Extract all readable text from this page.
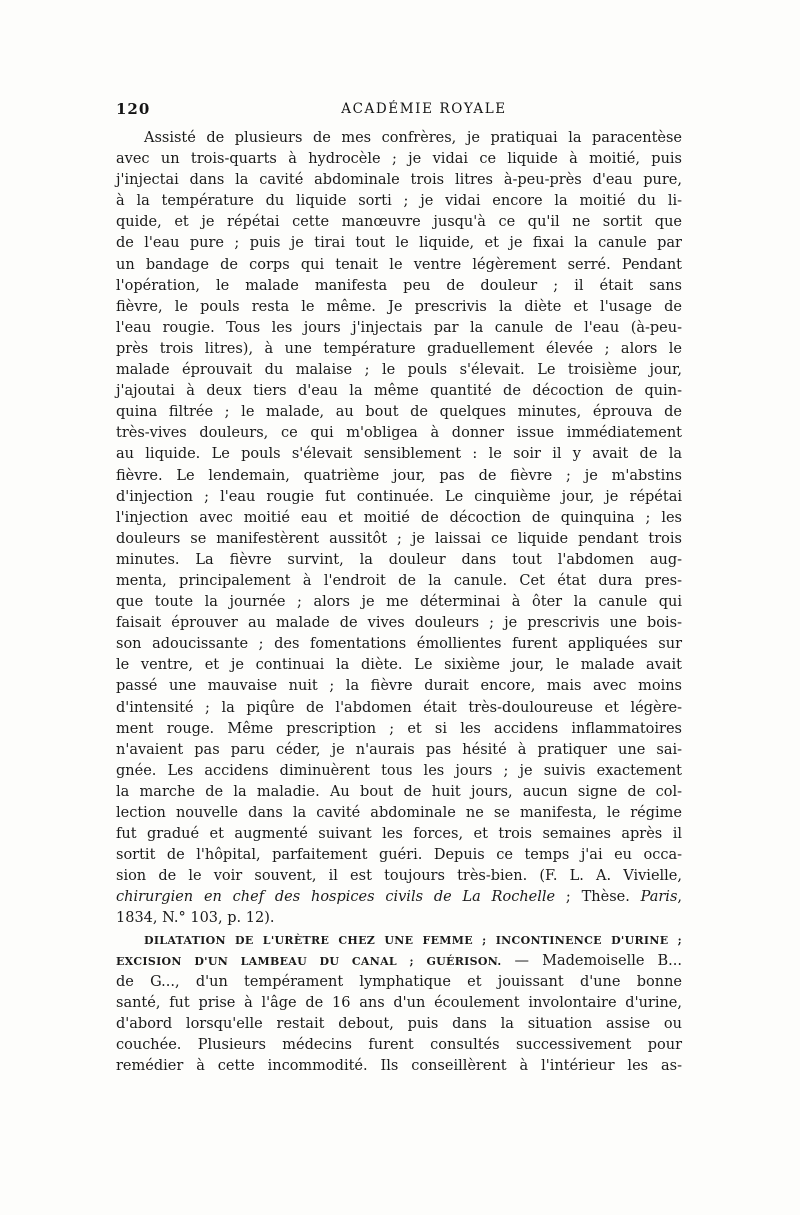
120	ACADÉMIE ROYALE
Assisté de plusieurs de mes confrères, je pratiquai la paracentèse
avec un trois-quarts à hydrocèle ; je vidai ce liquide à moitié, puis
j'injectai dans la cavité abdominale trois litres à-peu-près d'eau pure,
à la température du liquide sorti ; je vidai encore la moitié du li-
quide, et je répétai cette manœuvre jusqu'à ce qu'il ne sortit que
de l'eau pure ; puis je tirai tout le liquide, et je fixai la canule par
un bandage de corps qui tenait le ventre légèrement serré. Pendant
l'opération, le malade manifesta peu de douleur ; il était sans
fièvre, le pouls resta le même. Je prescrivis la diète et l'usage de
l'eau rougie. Tous les jours j'injectais par la canule de l'eau (à-peu-
près trois litres), à une température graduellement élevée ; alors le
malade éprouvait du malaise ; le pouls s'élevait. Le troisième jour,
j'ajoutai à deux tiers d'eau la même quantité de décoction de quin-
quina filtrée ; le malade, au bout de quelques minutes, éprouva de
très-vives douleurs, ce qui m'obligea à donner issue immédiatement
au liquide. Le pouls s'élevait sensiblement : le soir il y avait de la
fièvre. Le lendemain, quatrième jour, pas de fièvre ; je m'abstins
d'injection ; l'eau rougie fut continuée. Le cinquième jour, je répétai
l'injection avec moitié eau et moitié de décoction de quinquina ; les
douleurs se manifestèrent aussitôt ; je laissai ce liquide pendant trois
minutes. La fièvre survint, la douleur dans tout l'abdomen aug-
menta, principalement à l'endroit de la canule. Cet état dura pres-
que toute la journée ; alors je me déterminai à ôter la canule qui
faisait éprouver au malade de vives douleurs ; je prescrivis une bois-
son adoucissante ; des fomentations émollientes furent appliquées sur
le ventre, et je continuai la diète. Le sixième jour, le malade avait
passé une mauvaise nuit ; la fièvre durait encore, mais avec moins
d'intensité ; la piqûre de l'abdomen était très-douloureuse et légère-
ment rouge. Même prescription ; et si les accidens inflammatoires
n'avaient pas paru céder, je n'aurais pas hésité à pratiquer une sai-
gnée. Les accidens diminuèrent tous les jours ; je suivis exactement
la marche de la maladie. Au bout de huit jours, aucun signe de col-
lection nouvelle dans la cavité abdominale ne se manifesta, le régime
fut gradué et augmenté suivant les forces, et trois semaines après il
sortit de l'hôpital, parfaitement guéri. Depuis ce temps j'ai eu occa-
sion de le voir souvent, il est toujours très-bien. (F. L. A. Vivielle,
chirurgien en chef des hospices civils de La Rochelle ; Thèse. Paris,
1834, N.° 103, p. 12).
DILATATION DE L'URÈTRE CHEZ UNE FEMME ; INCONTINENCE D'URINE ;
EXCISION D'UN LAMBEAU DU CANAL ; GUÉRISON. — Mademoiselle B...
de G..., d'un tempérament lymphatique et jouissant d'une bonne
santé, fut prise à l'âge de 16 ans d'un écoulement involontaire d'urine,
d'abord lorsqu'elle restait debout, puis dans la situation assise ou
couchée. Plusieurs médecins furent consultés successivement pour
remédier à cette incommodité. Ils conseillèrent à l'intérieur les as-
